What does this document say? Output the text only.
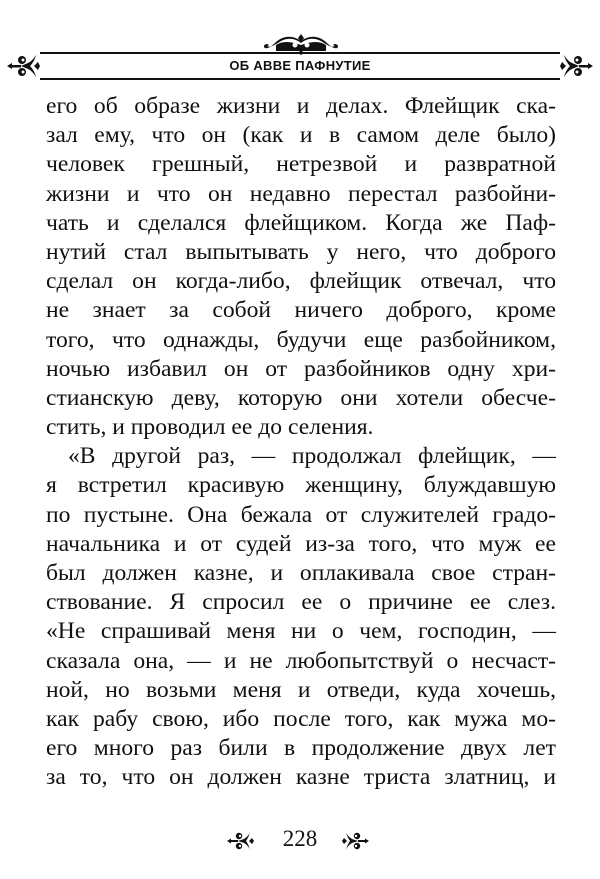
ОБ АВВЕ ПАФНУТИЕ
его об образе жизни и делах. Флейщик ска-
зал ему, что он (как и в самом деле было)
человек грешный, нетрезвой и развратной
жизни и что он недавно перестал разбойни-
чать и сделался флейщиком. Когда же Паф-
нутий стал выпытывать у него, что доброго
сделал он когда-либо, флейщик отвечал, что
не знает за собой ничего доброго, кроме
того, что однажды, будучи еще разбойником,
ночью избавил он от разбойников одну хри-
стианскую деву, которую они хотели обесче-
стить, и проводил ее до селения.
«В другой раз, — продолжал флейщик, —
я встретил красивую женщину, блуждавшую
по пустыне. Она бежала от служителей градо-
начальника и от судей из-за того, что муж ее
был должен казне, и оплакивала свое стран-
ствование. Я спросил ее о причине ее слез.
«Не спрашивай меня ни о чем, господин, —
сказала она, — и не любопытствуй о несчаст-
ной, но возьми меня и отведи, куда хочешь,
как рабу свою, ибо после того, как мужа мо-
его много раз били в продолжение двух лет
за то, что он должен казне триста златниц, и
228
